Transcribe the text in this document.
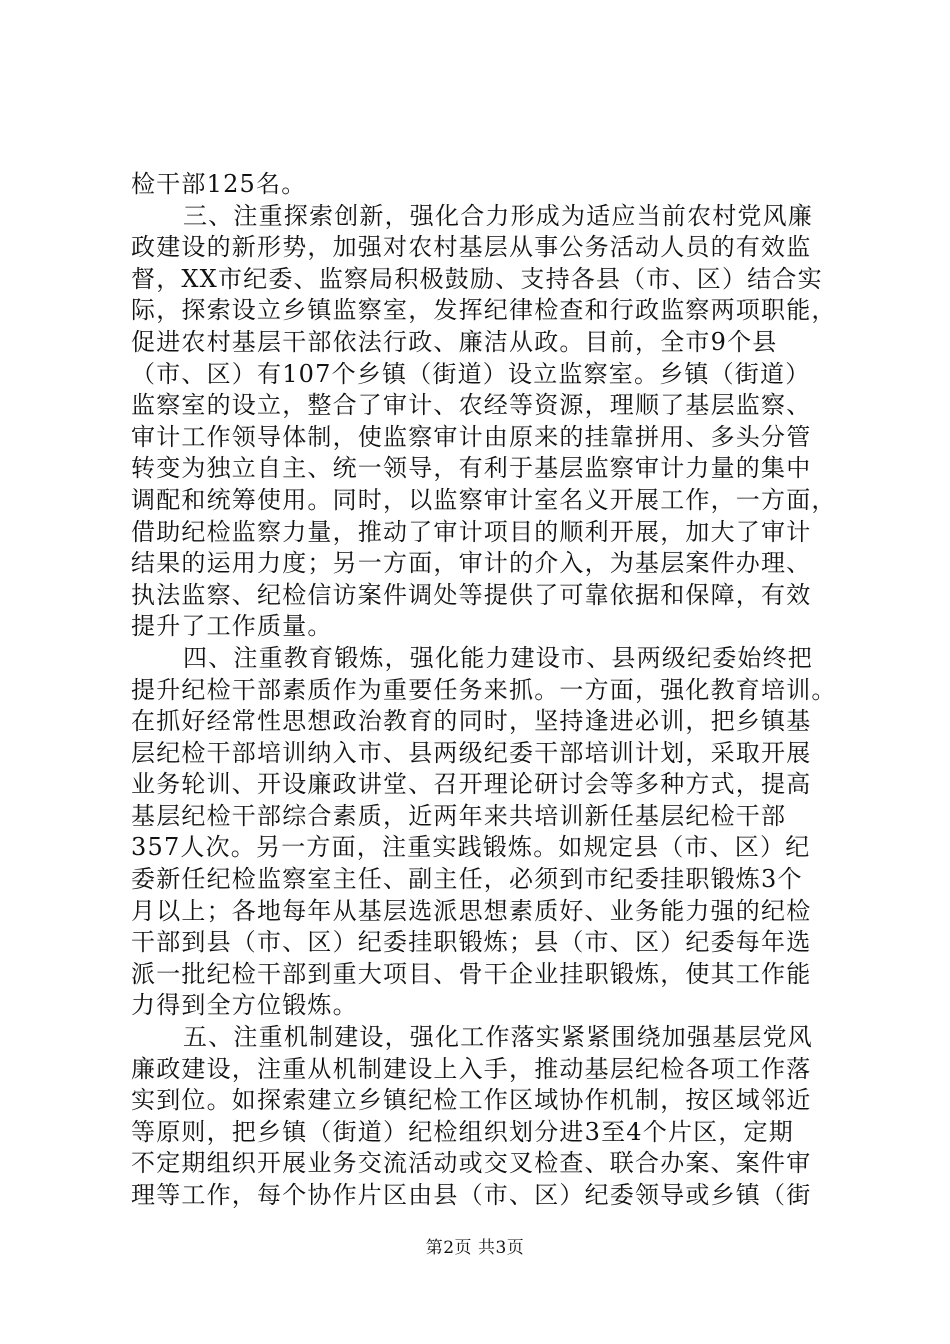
检干部125名。
三、注重探索创新，强化合力形成为适应当前农村党风廉
政建设的新形势，加强对农村基层从事公务活动人员的有效监
督，XX市纪委、监察局积极鼓励、支持各县（市、区）结合实
际，探索设立乡镇监察室，发挥纪律检查和行政监察两项职能，
促进农村基层干部依法行政、廉洁从政。目前，全市9个县
（市、区）有107个乡镇（街道）设立监察室。乡镇（街道）
监察室的设立，整合了审计、农经等资源，理顺了基层监察、
审计工作领导体制，使监察审计由原来的挂靠拼用、多头分管
转变为独立自主、统一领导，有利于基层监察审计力量的集中
调配和统筹使用。同时，以监察审计室名义开展工作，一方面，
借助纪检监察力量，推动了审计项目的顺利开展，加大了审计
结果的运用力度；另一方面，审计的介入，为基层案件办理、
执法监察、纪检信访案件调处等提供了可靠依据和保障，有效
提升了工作质量。
四、注重教育锻炼，强化能力建设市、县两级纪委始终把
提升纪检干部素质作为重要任务来抓。一方面，强化教育培训。
在抓好经常性思想政治教育的同时，坚持逢进必训，把乡镇基
层纪检干部培训纳入市、县两级纪委干部培训计划，采取开展
业务轮训、开设廉政讲堂、召开理论研讨会等多种方式，提高
基层纪检干部综合素质，近两年来共培训新任基层纪检干部
357人次。另一方面，注重实践锻炼。如规定县（市、区）纪
委新任纪检监察室主任、副主任，必须到市纪委挂职锻炼3个
月以上；各地每年从基层选派思想素质好、业务能力强的纪检
干部到县（市、区）纪委挂职锻炼；县（市、区）纪委每年选
派一批纪检干部到重大项目、骨干企业挂职锻炼，使其工作能
力得到全方位锻炼。
五、注重机制建设，强化工作落实紧紧围绕加强基层党风
廉政建设，注重从机制建设上入手，推动基层纪检各项工作落
实到位。如探索建立乡镇纪检工作区域协作机制，按区域邻近
等原则，把乡镇（街道）纪检组织划分进3至4个片区，定期
不定期组织开展业务交流活动或交叉检查、联合办案、案件审
理等工作，每个协作片区由县（市、区）纪委领导或乡镇（街
第2页 共3页
